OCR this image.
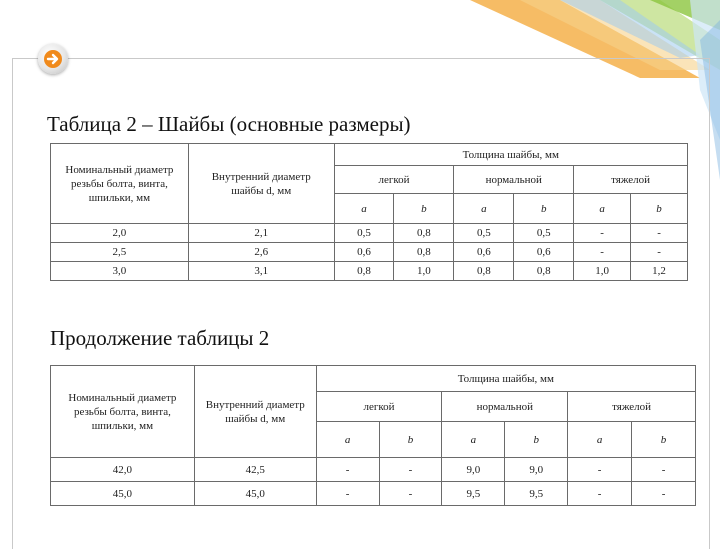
Таблица 2 – Шайбы (основные размеры)
Номинальный диаметр резьбы болта, винта, шпильки, мм	Внутренний диаметр шайбы d, мм	Толщина шайбы, мм					
		легкой		нормальной		тяжелой	
		a	b	a	b	a	b
2,0	2,1	0,5	0,8	0,5	0,5	-	-
2,5	2,6	0,6	0,8	0,6	0,6	-	-
3,0	3,1	0,8	1,0	0,8	0,8	1,0	1,2
Продолжение таблицы 2
Номинальный диаметр резьбы болта, винта, шпильки, мм	Внутренний диаметр шайбы d, мм	Толщина шайбы, мм					
		легкой		нормальной		тяжелой	
		a	b	a	b	a	b
42,0	42,5	-	-	9,0	9,0	-	-
45,0	45,0	-	-	9,5	9,5	-	-
